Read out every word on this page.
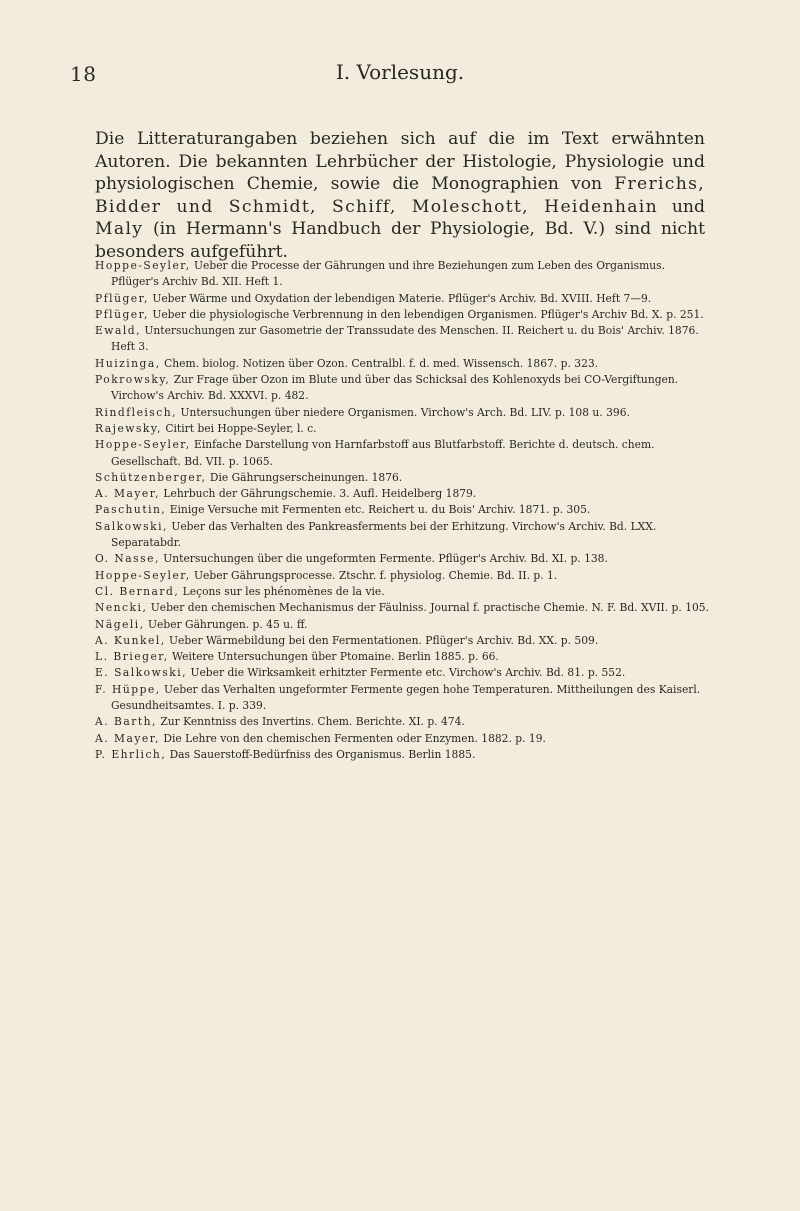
18	I. Vorlesung.

Die Litteraturangaben beziehen sich auf die im Text erwähnten Autoren. Die bekannten Lehrbücher der Histologie, Physiologie und physiologischen Chemie, sowie die Monographien von Frerichs, Bidder und Schmidt, Schiff, Moleschott, Heidenhain und Maly (in Hermann's Handbuch der Physiologie, Bd. V.) sind nicht besonders aufgeführt.

Hoppe-Seyler, Ueber die Processe der Gährungen und ihre Beziehungen zum Leben des Organismus. Pflüger's Archiv Bd. XII. Heft 1.
Pflüger, Ueber Wärme und Oxydation der lebendigen Materie. Pflüger's Archiv. Bd. XVIII. Heft 7—9.
Pflüger, Ueber die physiologische Verbrennung in den lebendigen Organismen. Pflüger's Archiv Bd. X. p. 251.
Ewald, Untersuchungen zur Gasometrie der Transsudate des Menschen. II. Reichert u. du Bois' Archiv. 1876. Heft 3.
Huizinga, Chem. biolog. Notizen über Ozon. Centralbl. f. d. med. Wissensch. 1867. p. 323.
Pokrowsky, Zur Frage über Ozon im Blute und über das Schicksal des Kohlenoxyds bei CO-Vergiftungen. Virchow's Archiv. Bd. XXXVI. p. 482.
Rindfleisch, Untersuchungen über niedere Organismen. Virchow's Arch. Bd. LIV. p. 108 u. 396.
Rajewsky, Citirt bei Hoppe-Seyler, l. c.
Hoppe-Seyler, Einfache Darstellung von Harnfarbstoff aus Blutfarbstoff. Berichte d. deutsch. chem. Gesellschaft. Bd. VII. p. 1065.
Schützenberger, Die Gährungserscheinungen. 1876.
A. Mayer, Lehrbuch der Gährungschemie. 3. Aufl. Heidelberg 1879.
Paschutin, Einige Versuche mit Fermenten etc. Reichert u. du Bois' Archiv. 1871. p. 305.
Salkowski, Ueber das Verhalten des Pankreasferments bei der Erhitzung. Virchow's Archiv. Bd. LXX. Separatabdr.
O. Nasse, Untersuchungen über die ungeformten Fermente. Pflüger's Archiv. Bd. XI. p. 138.
Hoppe-Seyler, Ueber Gährungsprocesse. Ztschr. f. physiolog. Chemie. Bd. II. p. 1.
Cl. Bernard, Leçons sur les phénomènes de la vie.
Nencki, Ueber den chemischen Mechanismus der Fäulniss. Journal f. practische Chemie. N. F. Bd. XVII. p. 105.
Nägeli, Ueber Gährungen. p. 45 u. ff.
A. Kunkel, Ueber Wärmebildung bei den Fermentationen. Pflüger's Archiv. Bd. XX. p. 509.
L. Brieger, Weitere Untersuchungen über Ptomaine. Berlin 1885. p. 66.
E. Salkowski, Ueber die Wirksamkeit erhitzter Fermente etc. Virchow's Archiv. Bd. 81. p. 552.
F. Hüppe, Ueber das Verhalten ungeformter Fermente gegen hohe Temperaturen. Mittheilungen des Kaiserl. Gesundheitsamtes. I. p. 339.
A. Barth, Zur Kenntniss des Invertins. Chem. Berichte. XI. p. 474.
A. Mayer, Die Lehre von den chemischen Fermenten oder Enzymen. 1882. p. 19.
P. Ehrlich, Das Sauerstoff-Bedürfniss des Organismus. Berlin 1885.
